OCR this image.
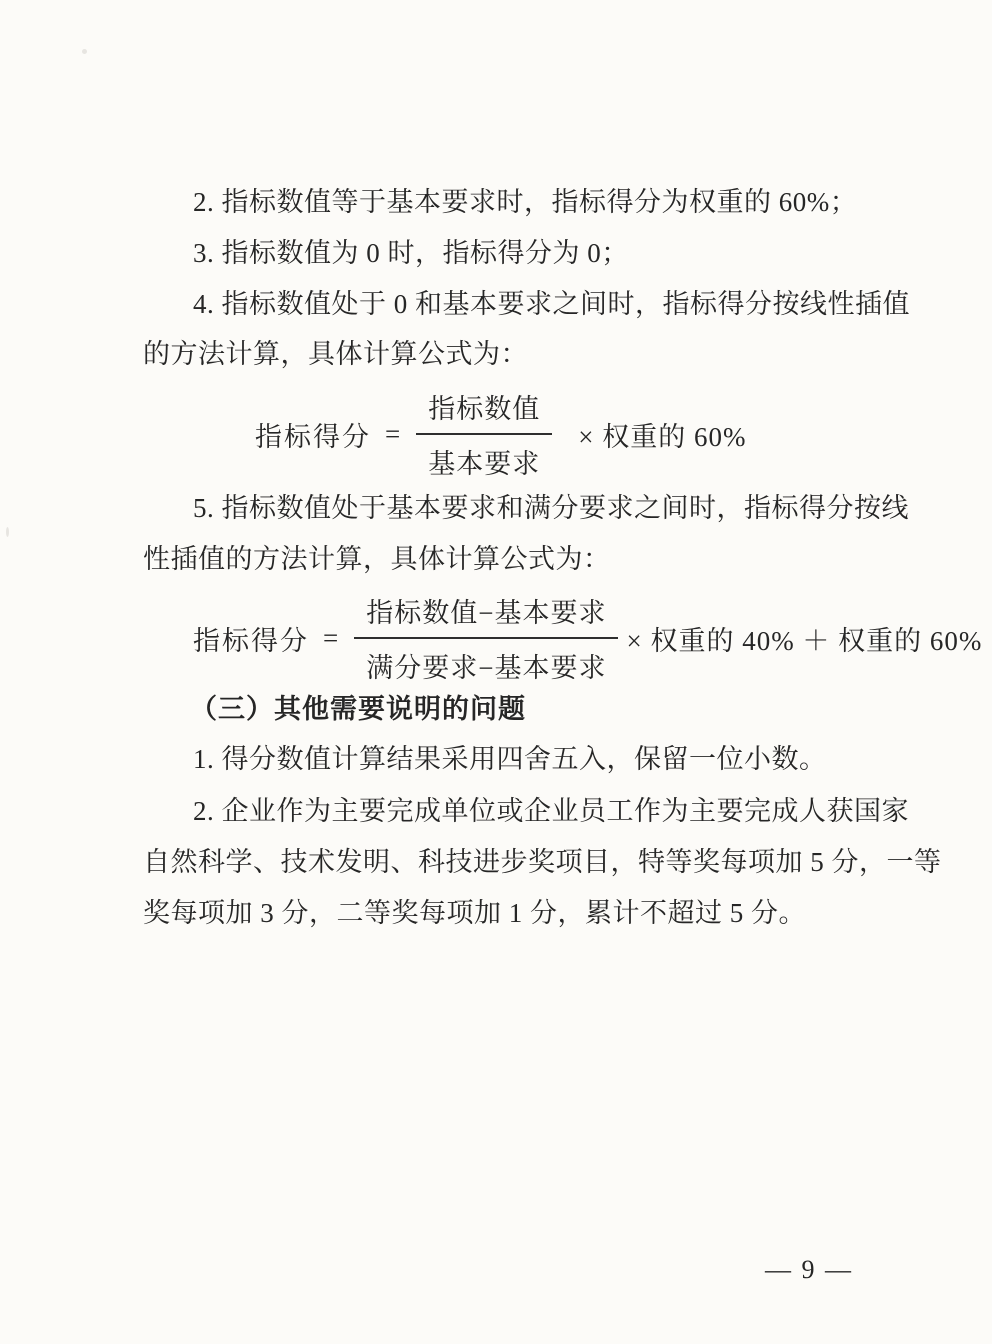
2. 指标数值等于基本要求时，指标得分为权重的 60%；
3. 指标数值为 0 时，指标得分为 0；
4. 指标数值处于 0 和基本要求之间时，指标得分按线性插值
的方法计算，具体计算公式为：
指标得分 = $\frac{\text{指标数值}}{\text{基本要求}}$ × 权重的 60%
5. 指标数值处于基本要求和满分要求之间时，指标得分按线
性插值的方法计算，具体计算公式为：
指标得分 = $\frac{\text{指标数值−基本要求}}{\text{满分要求−基本要求}}$ × 权重的 40% ＋ 权重的 60%
（三）其他需要说明的问题
1. 得分数值计算结果采用四舍五入，保留一位小数。
2. 企业作为主要完成单位或企业员工作为主要完成人获国家
自然科学、技术发明、科技进步奖项目，特等奖每项加 5 分，一等
奖每项加 3 分，二等奖每项加 1 分，累计不超过 5 分。
— 9 —
